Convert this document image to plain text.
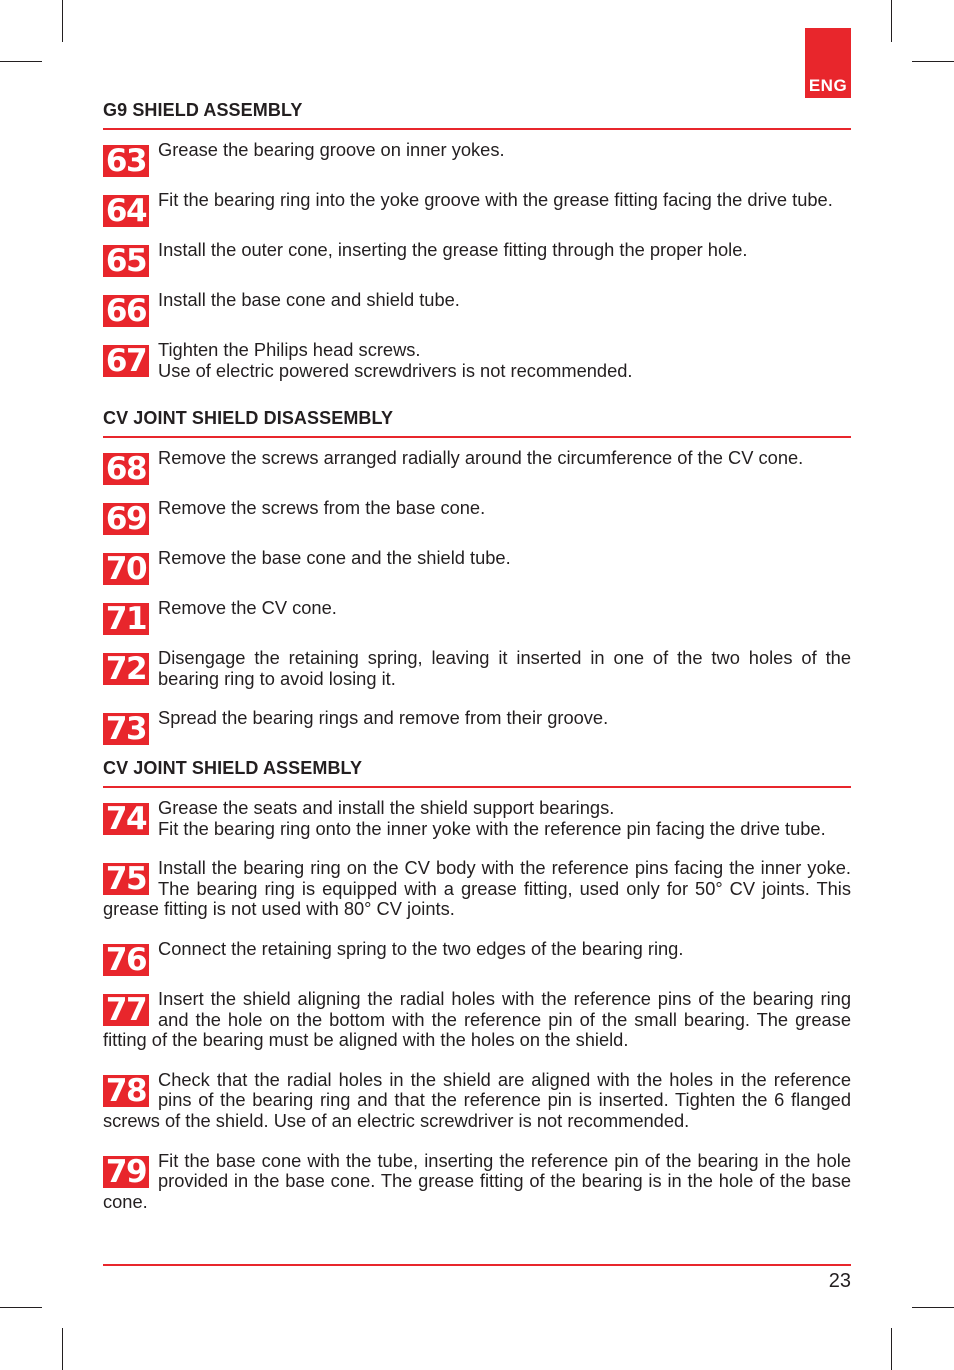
ENG
G9 SHIELD ASSEMBLY
63 Grease the bearing groove on inner yokes.
64 Fit the bearing ring into the yoke groove with the grease fitting facing the drive tube.
65 Install the outer cone, inserting the grease fitting through the proper hole.
66 Install the base cone and shield tube.
67 Tighten the Philips head screws.
Use of electric powered screwdrivers is not recommended.
CV JOINT SHIELD DISASSEMBLY
68 Remove the screws arranged radially around the circumference of the CV cone.
69 Remove the screws from the base cone.
70 Remove the base cone and the shield tube.
71 Remove the CV cone.
72 Disengage the retaining spring, leaving it inserted in one of the two holes of the bearing ring to avoid losing it.
73 Spread the bearing rings and remove from their groove.
CV JOINT SHIELD ASSEMBLY
74 Grease the seats and install the shield support bearings.
Fit the bearing ring onto the inner yoke with the reference pin facing the drive tube.
75 Install the bearing ring on the CV body with the reference pins facing the inner yoke. The bearing ring is equipped with a grease fitting, used only for 50° CV joints. This grease fitting is not used with 80° CV joints.
76 Connect the retaining spring to the two edges of the bearing ring.
77 Insert the shield aligning the radial holes with the reference pins of the bearing ring and the hole on the bottom with the reference pin of the small bearing. The grease fitting of the bearing must be aligned with the holes on the shield.
78 Check that the radial holes in the shield are aligned with the holes in the reference pins of the bearing ring and that the reference pin is inserted. Tighten the 6 flanged screws of the shield. Use of an electric screwdriver is not recommended.
79 Fit the base cone with the tube, inserting the reference pin of the bearing in the hole provided in the base cone. The grease fitting of the bearing is in the hole of the base cone.
23
